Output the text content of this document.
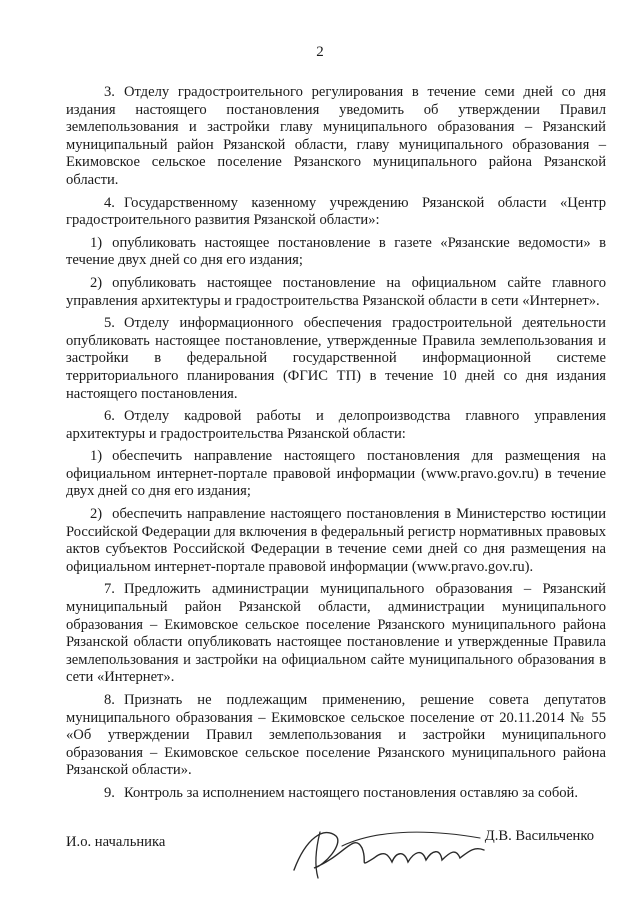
2

3. Отделу градостроительного регулирования в течение семи дней со дня издания настоящего постановления уведомить об утверждении Правил землепользования и застройки главу муниципального образования – Рязанский муниципальный район Рязанской области, главу муниципального образования – Екимовское сельское поселение Рязанского муниципального района Рязанской области.

4. Государственному казенному учреждению Рязанской области «Центр градостроительного развития Рязанской области»:

1) опубликовать настоящее постановление в газете «Рязанские ведомости» в течение двух дней со дня его издания;

2) опубликовать настоящее постановление на официальном сайте главного управления архитектуры и градостроительства Рязанской области в сети «Интернет».

5. Отделу информационного обеспечения градостроительной деятельности опубликовать настоящее постановление, утвержденные Правила землепользования и застройки в федеральной государственной информационной системе территориального планирования (ФГИС ТП) в течение 10 дней со дня издания настоящего постановления.

6. Отделу кадровой работы и делопроизводства главного управления архитектуры и градостроительства Рязанской области:

1) обеспечить направление настоящего постановления для размещения на официальном интернет-портале правовой информации (www.pravo.gov.ru) в течение двух дней со дня его издания;

2) обеспечить направление настоящего постановления в Министерство юстиции Российской Федерации для включения в федеральный регистр нормативных правовых актов субъектов Российской Федерации в течение семи дней со дня размещения на официальном интернет-портале правовой информации (www.pravo.gov.ru).

7. Предложить администрации муниципального образования – Рязанский муниципальный район Рязанской области, администрации муниципального образования – Екимовское сельское поселение Рязанского муниципального района Рязанской области опубликовать настоящее постановление и утвержденные Правила землепользования и застройки на официальном сайте муниципального образования в сети «Интернет».

8. Признать не подлежащим применению, решение совета депутатов муниципального образования – Екимовское сельское поселение от 20.11.2014 № 55 «Об утверждении Правил землепользования и застройки муниципального образования – Екимовское сельское поселение Рязанского муниципального района Рязанской области».

9. Контроль за исполнением настоящего постановления оставляю за собой.

И.о. начальника	Д.В. Васильченко
